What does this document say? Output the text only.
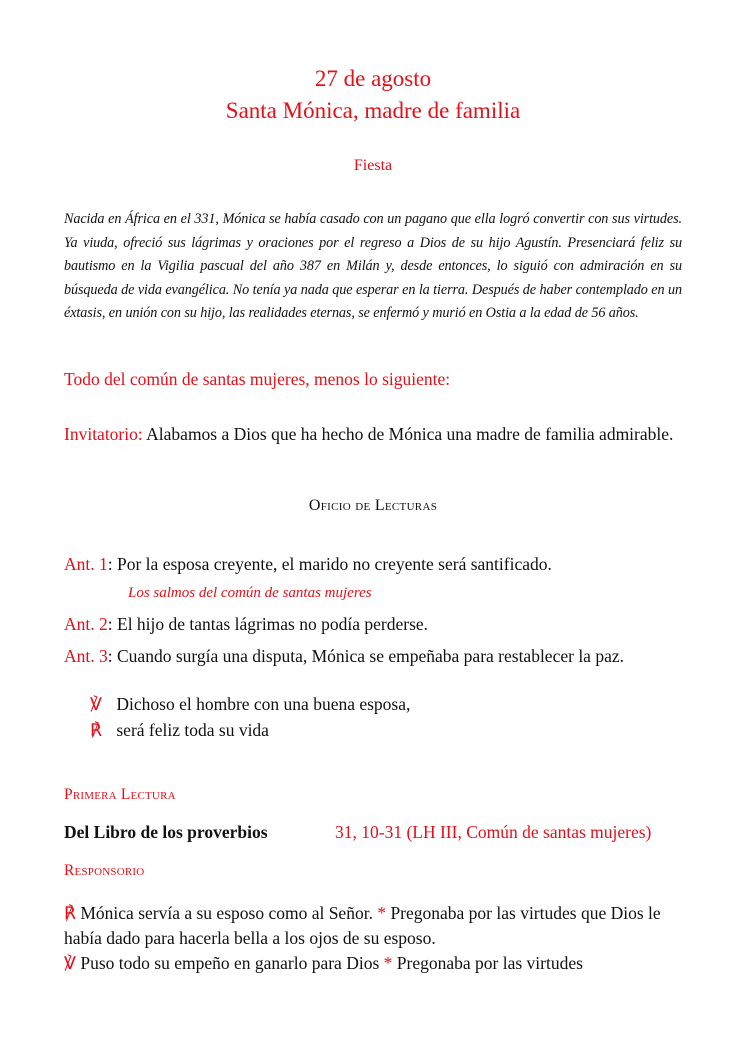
27 de agosto
Santa Mónica, madre de familia
Fiesta
Nacida en África en el 331, Mónica se había casado con un pagano que ella logró convertir con sus virtudes. Ya viuda, ofreció sus lágrimas y oraciones por el regreso a Dios de su hijo Agustín. Presenciará feliz su bautismo en la Vigilia pascual del año 387 en Milán y, desde entonces, lo siguió con admiración en su búsqueda de vida evangélica. No tenía ya nada que esperar en la tierra. Después de haber contemplado en un éxtasis, en unión con su hijo, las realidades eternas, se enfermó y murió en Ostia a la edad de 56 años.
Todo del común de santas mujeres, menos lo siguiente:
Invitatorio: Alabamos a Dios que ha hecho de Mónica una madre de familia admirable.
Oficio de Lecturas
Ant. 1: Por la esposa creyente, el marido no creyente será santificado.
Los salmos del común de santas mujeres
Ant. 2: El hijo de tantas lágrimas no podía perderse.
Ant. 3: Cuando surgía una disputa, Mónica se empeñaba para restablecer la paz.
℣ Dichoso el hombre con una buena esposa,
℟ será feliz toda su vida
Primera Lectura
Del Libro de los proverbios	31, 10-31 (LH III, Común de santas mujeres)
Responsorio
℟ Mónica servía a su esposo como al Señor. * Pregonaba por las virtudes que Dios le había dado para hacerla bella a los ojos de su esposo.
℣ Puso todo su empeño en ganarlo para Dios * Pregonaba por las virtudes
